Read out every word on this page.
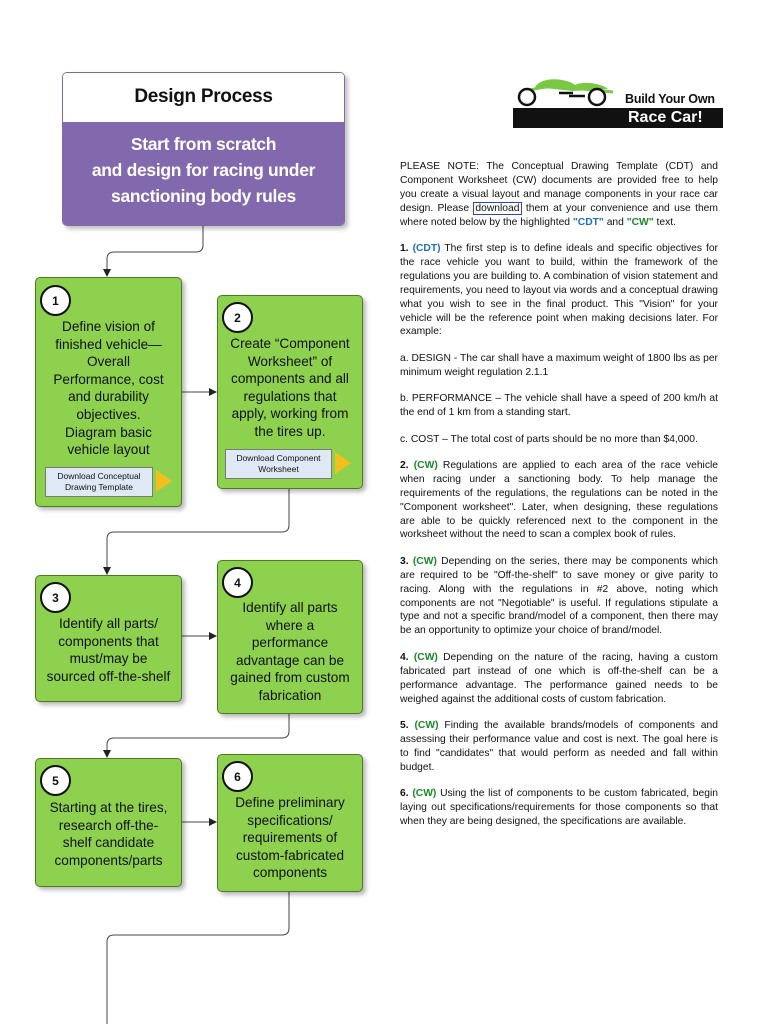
Design Process
Start from scratch
and design for racing under
sanctioning body rules
1
Define vision of
finished vehicle—
Overall
Performance, cost
and durability
objectives.
Diagram basic
vehicle layout
Download Conceptual
Drawing Template
2
Create “Component
Worksheet” of
components and all
regulations that
apply, working from
the tires up.
Download Component
Worksheet
3
Identify all parts/
components that
must/may be
sourced off-the-shelf
4
Identify all parts
where a
performance
advantage can be
gained from custom
fabrication
5
Starting at the tires,
research off-the-
shelf candidate
components/parts
6
Define preliminary
specifications/
requirements of
custom-fabricated
components
Build Your Own
Race Car!

PLEASE NOTE: The Conceptual Drawing Template (CDT) and Component Worksheet (CW) documents are provided free to help you create a visual layout and manage components in your race car design. Please download them at your convenience and use them where noted below by the highlighted "CDT" and "CW" text.

1. (CDT) The first step is to define ideals and specific objectives for the race vehicle you want to build, within the framework of the regulations you are building to. A combination of vision statement and requirements, you need to layout via words and a conceptual drawing what you wish to see in the final product. This "Vision" for your vehicle will be the reference point when making decisions later. For example:

a. DESIGN - The car shall have a maximum weight of 1800 lbs as per minimum weight regulation 2.1.1

b. PERFORMANCE – The vehicle shall have a speed of 200 km/h at the end of 1 km from a standing start.

c. COST – The total cost of parts should be no more than $4,000.

2. (CW) Regulations are applied to each area of the race vehicle when racing under a sanctioning body. To help manage the requirements of the regulations, the regulations can be noted in the "Component worksheet". Later, when designing, these regulations are able to be quickly referenced next to the component in the worksheet without the need to scan a complex book of rules.

3. (CW) Depending on the series, there may be components which are required to be "Off-the-shelf" to save money or give parity to racing. Along with the regulations in #2 above, noting which components are not "Negotiable" is useful. If regulations stipulate a type and not a specific brand/model of a component, then there may be an opportunity to optimize your choice of brand/model.

4. (CW) Depending on the nature of the racing, having a custom fabricated part instead of one which is off-the-shelf can be a performance advantage. The performance gained needs to be weighed against the additional costs of custom fabrication.

5. (CW) Finding the available brands/models of components and assessing their performance value and cost is next. The goal here is to find "candidates" that would perform as needed and fall within budget.

6. (CW) Using the list of components to be custom fabricated, begin laying out specifications/requirements for those components so that when they are being designed, the specifications are available.
